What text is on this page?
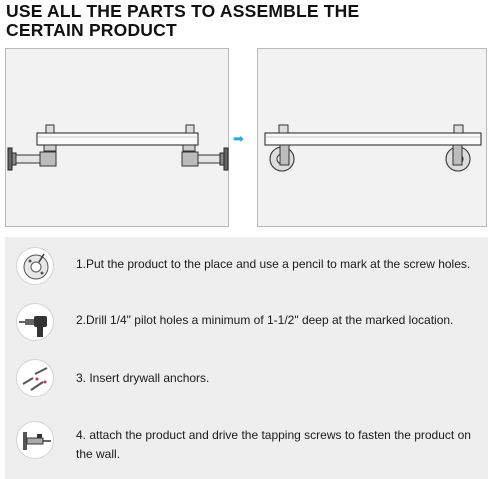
USE ALL THE PARTS TO ASSEMBLE THE
CERTAIN PRODUCT
➡
1.Put the product to the place and use a pencil to mark at the screw holes.
2.Drill 1/4" pilot holes a minimum of 1-1/2" deep at the marked location.
3. Insert drywall anchors.
4. attach the product and drive the tapping screws to fasten the product on the wall.
